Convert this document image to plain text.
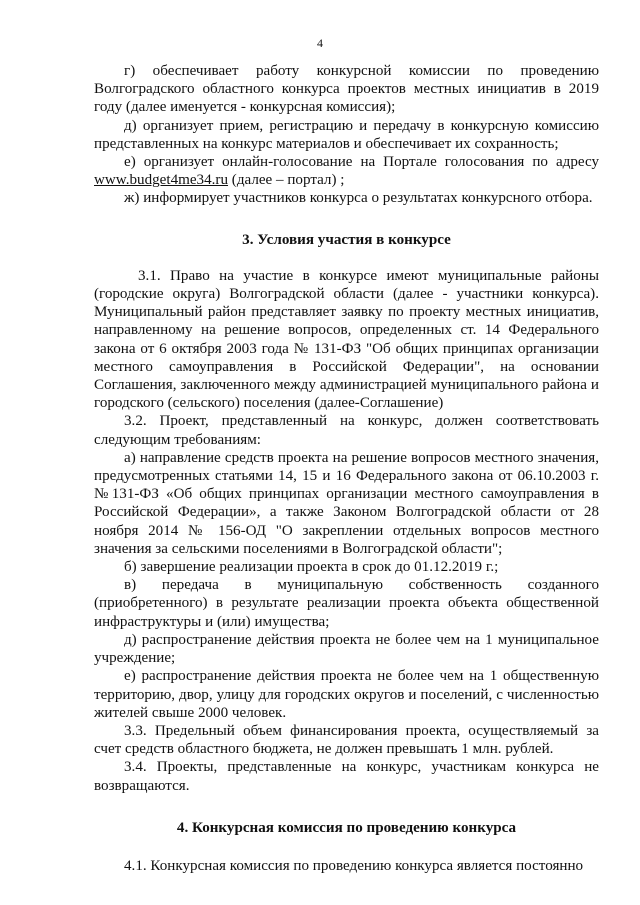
4

г) обеспечивает работу конкурсной комиссии по проведению Волгоградского областного конкурса проектов местных инициатив в 2019 году (далее именуется - конкурсная комиссия);

д) организует прием, регистрацию и передачу в конкурсную комиссию представленных на конкурс материалов и обеспечивает их сохранность;

е) организует онлайн-голосование на Портале голосования по адресу www.budget4me34.ru (далее – портал) ;

ж) информирует участников конкурса о результатах конкурсного отбора.

3. Условия участия в конкурсе

3.1. Право на участие в конкурсе имеют муниципальные районы (городские округа) Волгоградской области (далее - участники конкурса). Муниципальный район представляет заявку по проекту местных инициатив, направленному на решение вопросов, определенных ст. 14 Федерального закона от 6 октября 2003 года № 131-ФЗ "Об общих принципах организации местного самоуправления в Российской Федерации", на основании Соглашения, заключенного между администрацией муниципального района и городского (сельского) поселения (далее-Соглашение)

3.2. Проект, представленный на конкурс, должен соответствовать следующим требованиям:

а) направление средств проекта на решение вопросов местного значения, предусмотренных статьями 14, 15 и 16 Федерального закона от 06.10.2003 г. №131-ФЗ «Об общих принципах организации местного самоуправления в Российской Федерации», а также Законом Волгоградской области от 28 ноября 2014 № 156-ОД "О закреплении отдельных вопросов местного значения за сельскими поселениями в Волгоградской области";

б) завершение реализации проекта в срок до 01.12.2019 г.;

в) передача в муниципальную собственность созданного (приобретенного) в результате реализации проекта объекта общественной инфраструктуры и (или) имущества;

д) распространение действия проекта не более чем на 1 муниципальное учреждение;

е) распространение действия проекта не более чем на 1 общественную территорию, двор, улицу для городских округов и поселений, с численностью жителей свыше 2000 человек.

3.3. Предельный объем финансирования проекта, осуществляемый за счет средств областного бюджета, не должен превышать 1 млн. рублей.

3.4. Проекты, представленные на конкурс, участникам конкурса не возвращаются.

4. Конкурсная комиссия по проведению конкурса

4.1. Конкурсная комиссия по проведению конкурса является постоянно
